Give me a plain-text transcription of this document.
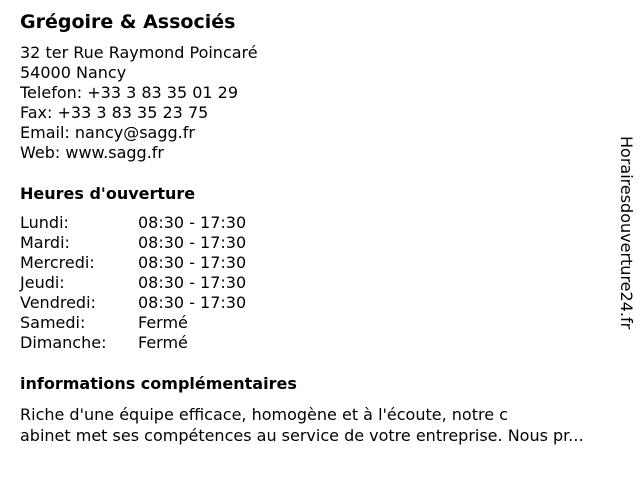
Grégoire & Associés
32 ter Rue Raymond Poincaré
54000 Nancy
Telefon: +33 3 83 35 01 29
Fax: +33 3 83 35 23 75
Email: nancy@sagg.fr
Web: www.sagg.fr
Heures d'ouverture
Lundi:	08:30 - 17:30
Mardi:	08:30 - 17:30
Mercredi:	08:30 - 17:30
Jeudi:	08:30 - 17:30
Vendredi:	08:30 - 17:30
Samedi:	Fermé
Dimanche:	Fermé
informations complémentaires
Riche d'une équipe efficace, homogène et à l'écoute, notre c
abinet met ses compétences au service de votre entreprise. Nous pr...
Horairesdouverture24.fr
